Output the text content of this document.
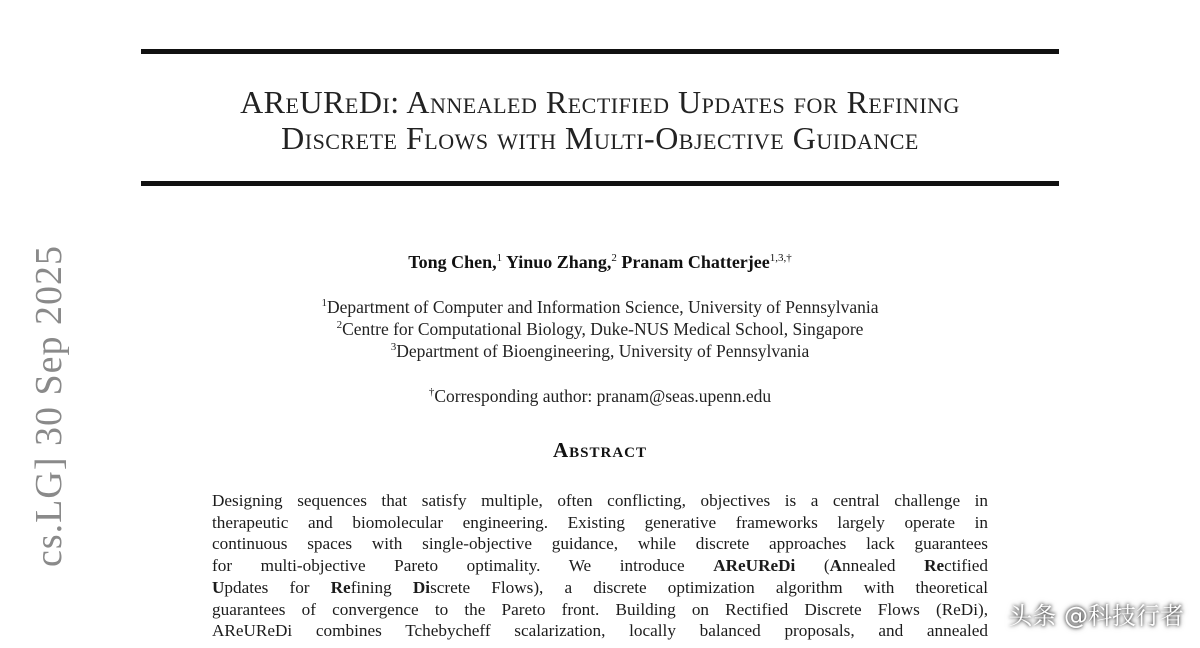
AReUReDi: Annealed Rectified Updates for Refining
Discrete Flows with Multi-Objective Guidance
Tong Chen,$^1$ Yinuo Zhang,$^2$ Pranam Chatterjee$^{1,3,\dagger}$
$^1$Department of Computer and Information Science, University of Pennsylvania
$^2$Centre for Computational Biology, Duke-NUS Medical School, Singapore
$^3$Department of Bioengineering, University of Pennsylvania
†Corresponding author: pranam@seas.upenn.edu
Abstract
Designing sequences that satisfy multiple, often conflicting, objectives is a central challenge in
therapeutic and biomolecular engineering. Existing generative frameworks largely operate in
continuous spaces with single-objective guidance, while discrete approaches lack guarantees
for multi-objective Pareto optimality. We introduce AReUReDi (Annealed Rectified
Updates for Refining Discrete Flows), a discrete optimization algorithm with theoretical
guarantees of convergence to the Pareto front. Building on Rectified Discrete Flows (ReDi),
AReUReDi combines Tchebycheff scalarization, locally balanced proposals, and annealed
cs.LG] 30 Sep 2025
头条 @科技行者
